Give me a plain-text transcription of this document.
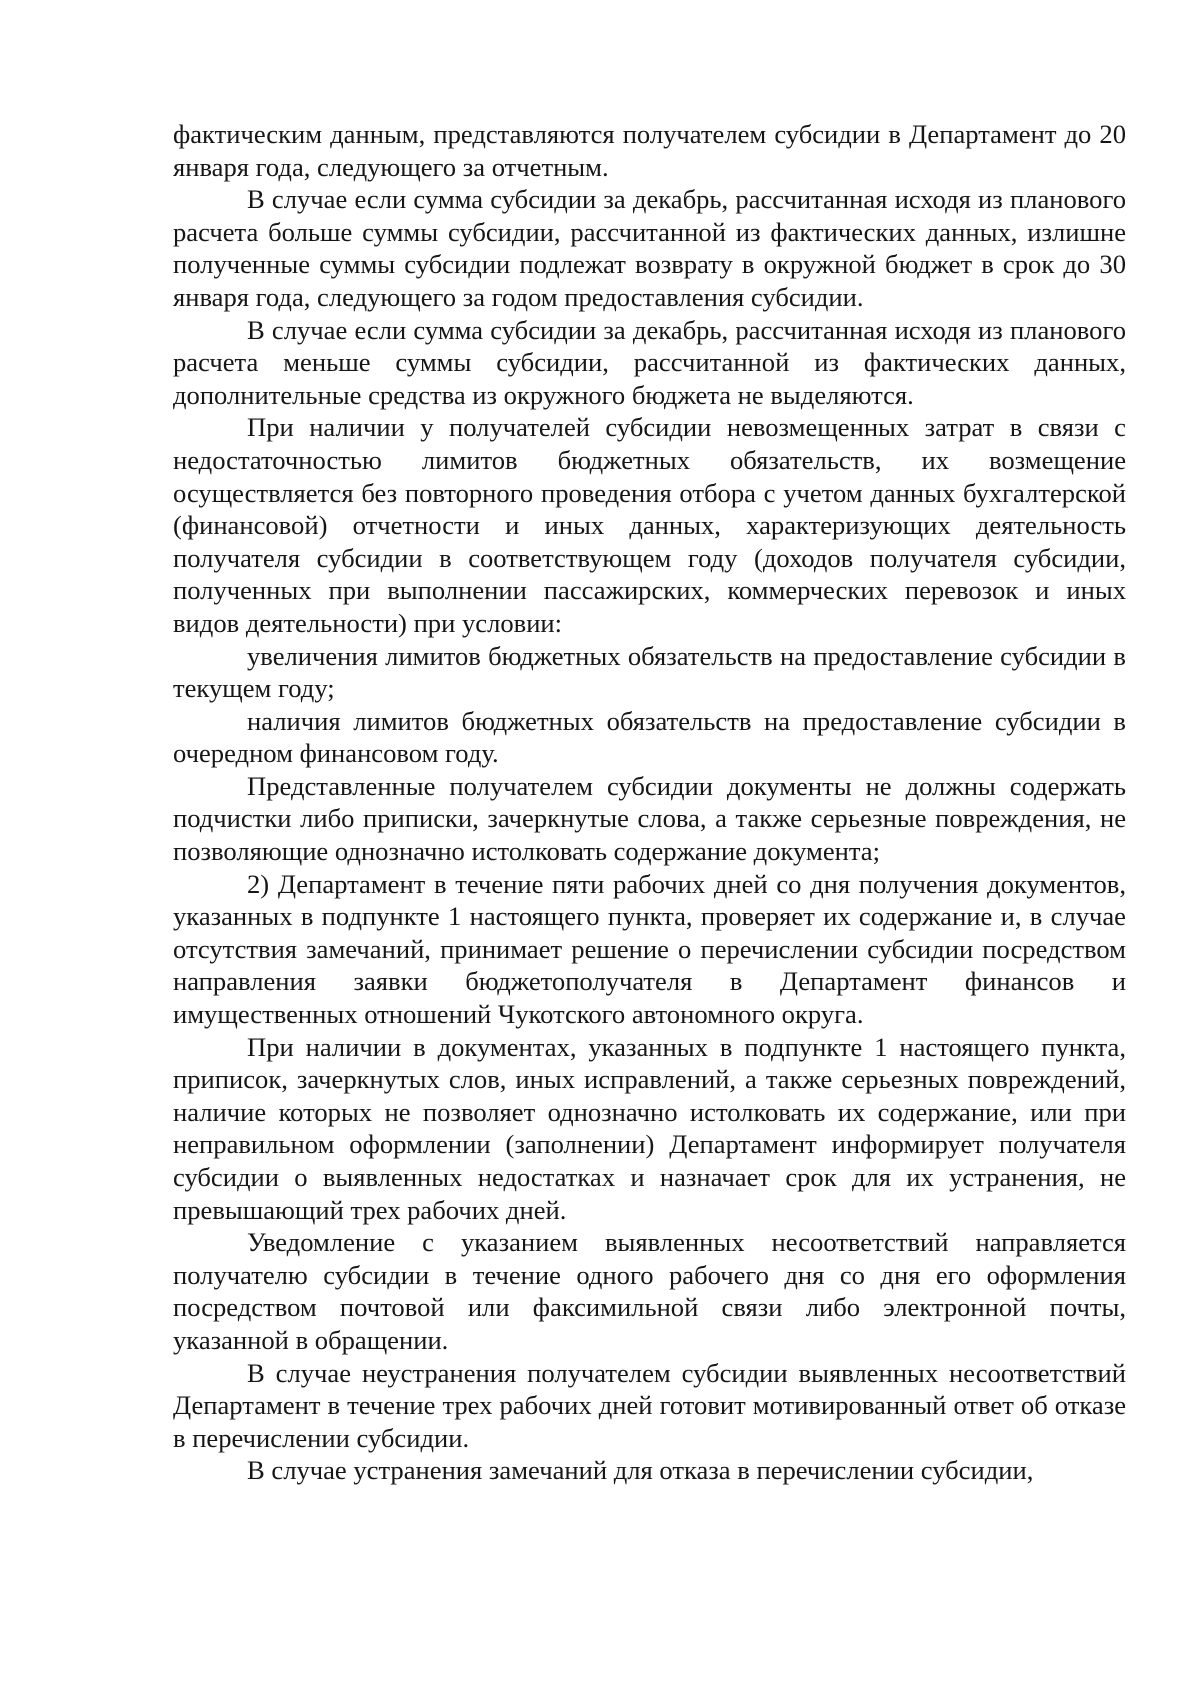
фактическим данным, представляются получателем субсидии в Департамент до 20 января года, следующего за отчетным.

В случае если сумма субсидии за декабрь, рассчитанная исходя из планового расчета больше суммы субсидии, рассчитанной из фактических данных, излишне полученные суммы субсидии подлежат возврату в окружной бюджет в срок до 30 января года, следующего за годом предоставления субсидии.

В случае если сумма субсидии за декабрь, рассчитанная исходя из планового расчета меньше суммы субсидии, рассчитанной из фактических данных, дополнительные средства из окружного бюджета не выделяются.

При наличии у получателей субсидии невозмещенных затрат в связи с недостаточностью лимитов бюджетных обязательств, их возмещение осуществляется без повторного проведения отбора с учетом данных бухгалтерской (финансовой) отчетности и иных данных, характеризующих деятельность получателя субсидии в соответствующем году (доходов получателя субсидии, полученных при выполнении пассажирских, коммерческих перевозок и иных видов деятельности) при условии:

увеличения лимитов бюджетных обязательств на предоставление субсидии в текущем году;

наличия лимитов бюджетных обязательств на предоставление субсидии в очередном финансовом году.

Представленные получателем субсидии документы не должны содержать подчистки либо приписки, зачеркнутые слова, а также серьезные повреждения, не позволяющие однозначно истолковать содержание документа;

2) Департамент в течение пяти рабочих дней со дня получения документов, указанных в подпункте 1 настоящего пункта, проверяет их содержание и, в случае отсутствия замечаний, принимает решение о перечислении субсидии посредством направления заявки бюджетополучателя в Департамент финансов и имущественных отношений Чукотского автономного округа.

При наличии в документах, указанных в подпункте 1 настоящего пункта, приписок, зачеркнутых слов, иных исправлений, а также серьезных повреждений, наличие которых не позволяет однозначно истолковать их содержание, или при неправильном оформлении (заполнении) Департамент информирует получателя субсидии о выявленных недостатках и назначает срок для их устранения, не превышающий трех рабочих дней.

Уведомление с указанием выявленных несоответствий направляется получателю субсидии в течение одного рабочего дня со дня его оформления посредством почтовой или факсимильной связи либо электронной почты, указанной в обращении.

В случае неустранения получателем субсидии выявленных несоответствий Департамент в течение трех рабочих дней готовит мотивированный ответ об отказе в перечислении субсидии.

В случае устранения замечаний для отказа в перечислении субсидии,
